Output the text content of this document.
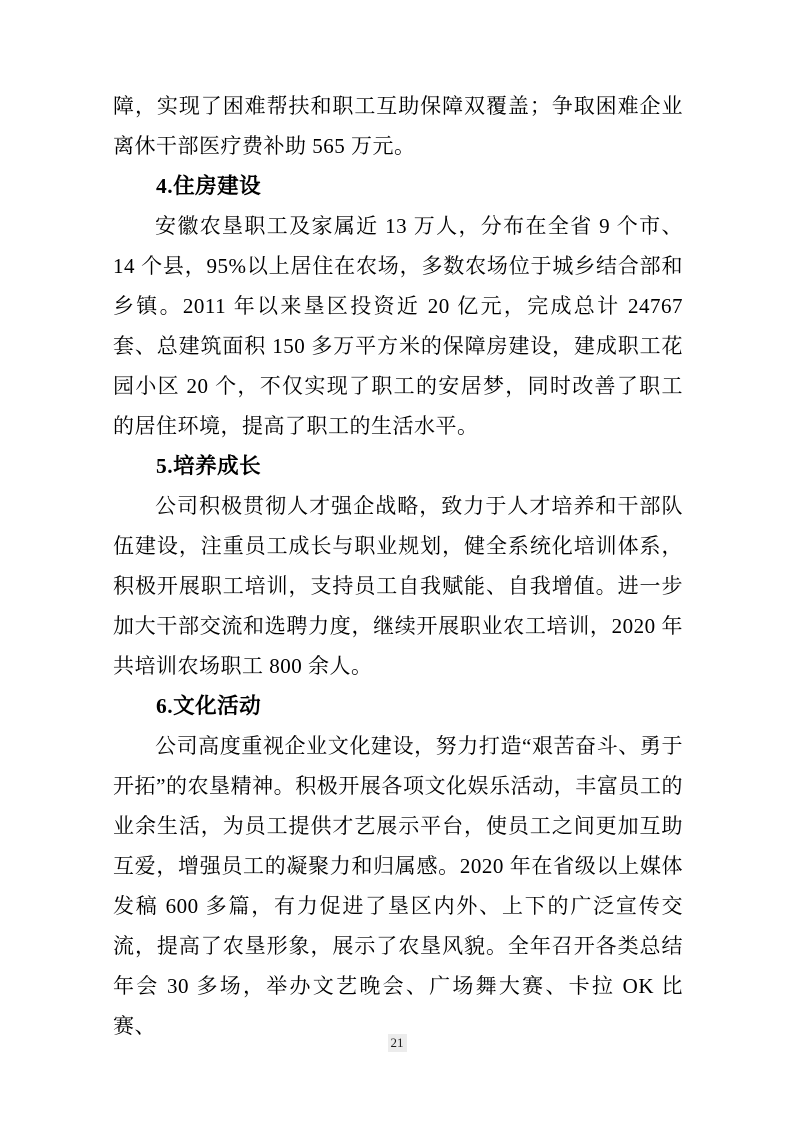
障，实现了困难帮扶和职工互助保障双覆盖；争取困难企业离休干部医疗费补助 565 万元。

4.住房建设

安徽农垦职工及家属近 13 万人，分布在全省 9 个市、14 个县，95%以上居住在农场，多数农场位于城乡结合部和乡镇。2011 年以来垦区投资近 20 亿元，完成总计 24767 套、总建筑面积 150 多万平方米的保障房建设，建成职工花园小区 20 个，不仅实现了职工的安居梦，同时改善了职工的居住环境，提高了职工的生活水平。

5.培养成长

公司积极贯彻人才强企战略，致力于人才培养和干部队伍建设，注重员工成长与职业规划，健全系统化培训体系，积极开展职工培训，支持员工自我赋能、自我增值。进一步加大干部交流和选聘力度，继续开展职业农工培训，2020 年共培训农场职工 800 余人。

6.文化活动

公司高度重视企业文化建设，努力打造“艰苦奋斗、勇于开拓”的农垦精神。积极开展各项文化娱乐活动，丰富员工的业余生活，为员工提供才艺展示平台，使员工之间更加互助互爱，增强员工的凝聚力和归属感。2020 年在省级以上媒体发稿 600 多篇，有力促进了垦区内外、上下的广泛宣传交流，提高了农垦形象，展示了农垦风貌。全年召开各类总结年会 30 多场，举办文艺晚会、广场舞大赛、卡拉 OK 比赛、

21
